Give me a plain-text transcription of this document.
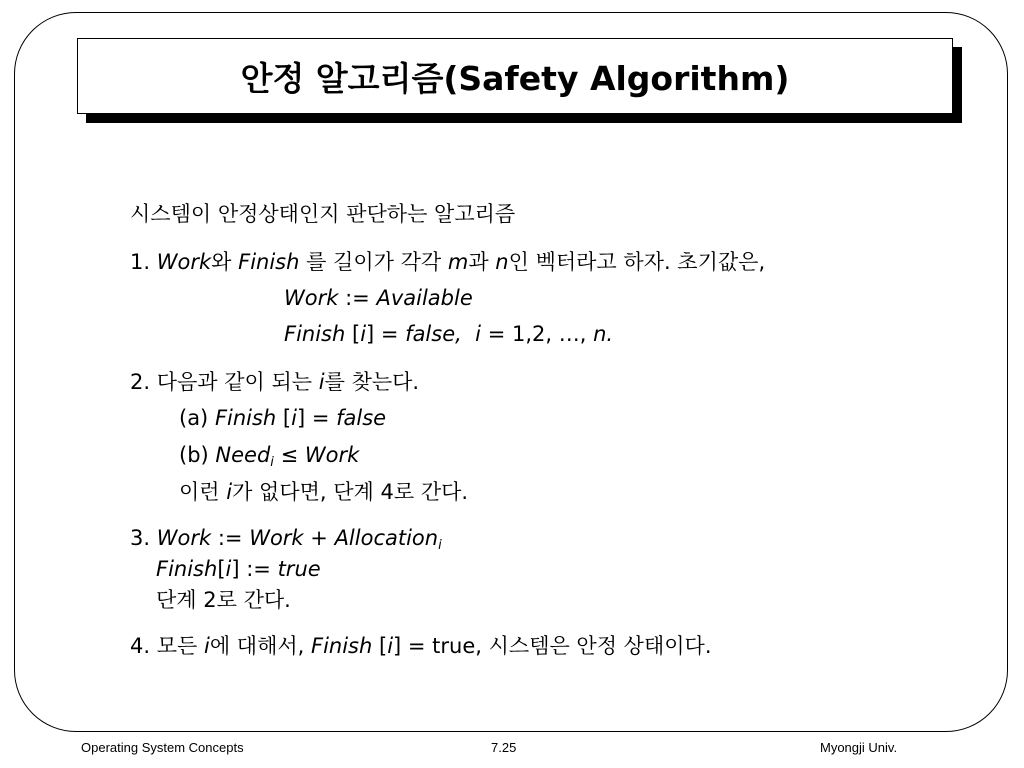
안정 알고리즘(Safety Algorithm)
시스템이 안정상태인지 판단하는 알고리즘
1. Work와 Finish 를 길이가 각각 m과 n인 벡터라고 하자. 초기값은,
Work := Available
Finish [i] = false, i = 1,2, …, n.
2. 다음과 같이 되는 i를 찾는다.
(a) Finish [i] = false
(b) Need$_i$ ≤ Work
이런 i가 없다면, 단계 4로 간다.
3. Work := Work + Allocation$_i$
Finish[i] := true
단계 2로 간다.
4. 모든 i에 대해서, Finish [i] = true, 시스템은 안정 상태이다.
Operating System Concepts	7.25	Myongji Univ.
